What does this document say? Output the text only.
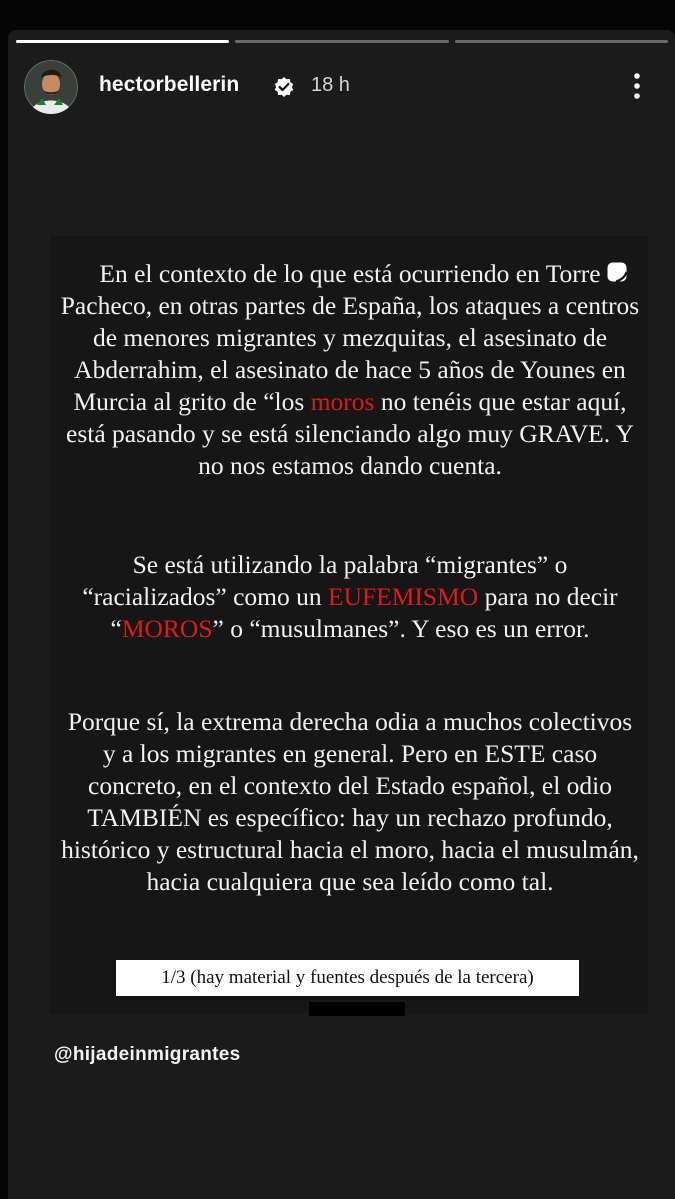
hectorbellerin	18 h
En el contexto de lo que está ocurriendo en Torre Pacheco, en otras partes de España, los ataques a centros de menores migrantes y mezquitas, el asesinato de Abderrahim, el asesinato de hace 5 años de Younes en Murcia al grito de “los moros no tenéis que estar aquí, está pasando y se está silenciando algo muy GRAVE. Y no nos estamos dando cuenta.
Se está utilizando la palabra “migrantes” o “racializados” como un EUFEMISMO para no decir “MOROS” o “musulmanes”. Y eso es un error.
Porque sí, la extrema derecha odia a muchos colectivos y a los migrantes en general. Pero en ESTE caso concreto, en el contexto del Estado español, el odio TAMBIÉN es específico: hay un rechazo profundo, histórico y estructural hacia el moro, hacia el musulmán, hacia cualquiera que sea leído como tal.
1/3 (hay material y fuentes después de la tercera)
@hijadeinmigrantes
